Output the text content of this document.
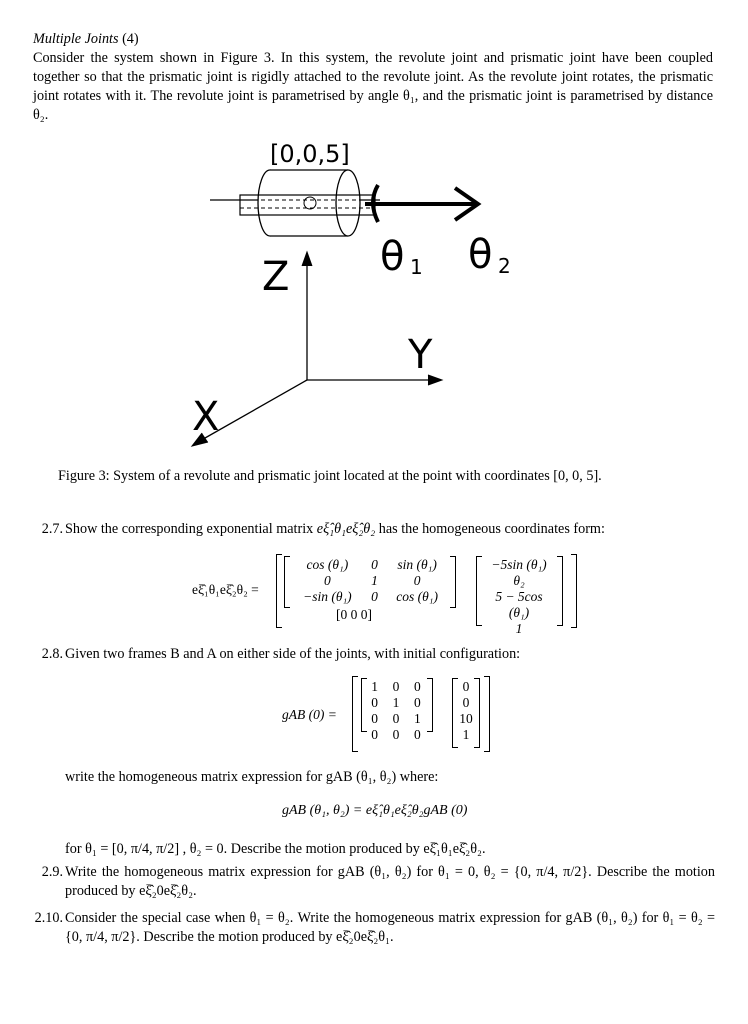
Multiple Joints (4)
Consider the system shown in Figure 3. In this system, the revolute joint and prismatic joint have been coupled together so that the prismatic joint is rigidly attached to the revolute joint. As the revolute joint rotates, the prismatic joint rotates with it. The revolute joint is parametrised by angle θ₁, and the prismatic joint is parametrised by distance θ₂.
[0,0,5]
θ 1 θ 2
Z
Y
X
Figure 3: System of a revolute and prismatic joint located at the point with coordinates [0, 0, 5].
2.7. Show the corresponding exponential matrix eξ̂₁θ₁eξ̂₂θ₂ has the homogeneous coordinates form:
eξ̂₁θ₁eξ̂₂θ₂ =
cos (θ₁)	0	sin (θ₁)
0	1	0
−sin (θ₁)	0	cos (θ₁)
[0 0 0]
−5sin (θ₁)
θ₂
5 − 5cos (θ₁)
1
2.8. Given two frames B and A on either side of the joints, with initial configuration:
gAB (0) =
1	0	0
0	1	0
0	0	1
0	0	0
0
0
10
1
write the homogeneous matrix expression for gAB (θ₁, θ₂) where:
gAB (θ₁, θ₂) = eξ̂₁θ₁eξ̂₂θ₂gAB (0)
for θ₁ = [0, π/4, π/2] , θ₂ = 0. Describe the motion produced by eξ̂₁θ₁eξ̂₂θ₂.
2.9. Write the homogeneous matrix expression for gAB (θ₁, θ₂) for θ₁ = 0, θ₂ = {0, π/4, π/2}. Describe the motion produced by eξ̂₂0eξ̂₂θ₂.
2.10. Consider the special case when θ₁ = θ₂. Write the homogeneous matrix expression for gAB (θ₁, θ₂) for θ₁ = θ₂ = {0, π/4, π/2}. Describe the motion produced by eξ̂₂0eξ̂₂θ₁.
